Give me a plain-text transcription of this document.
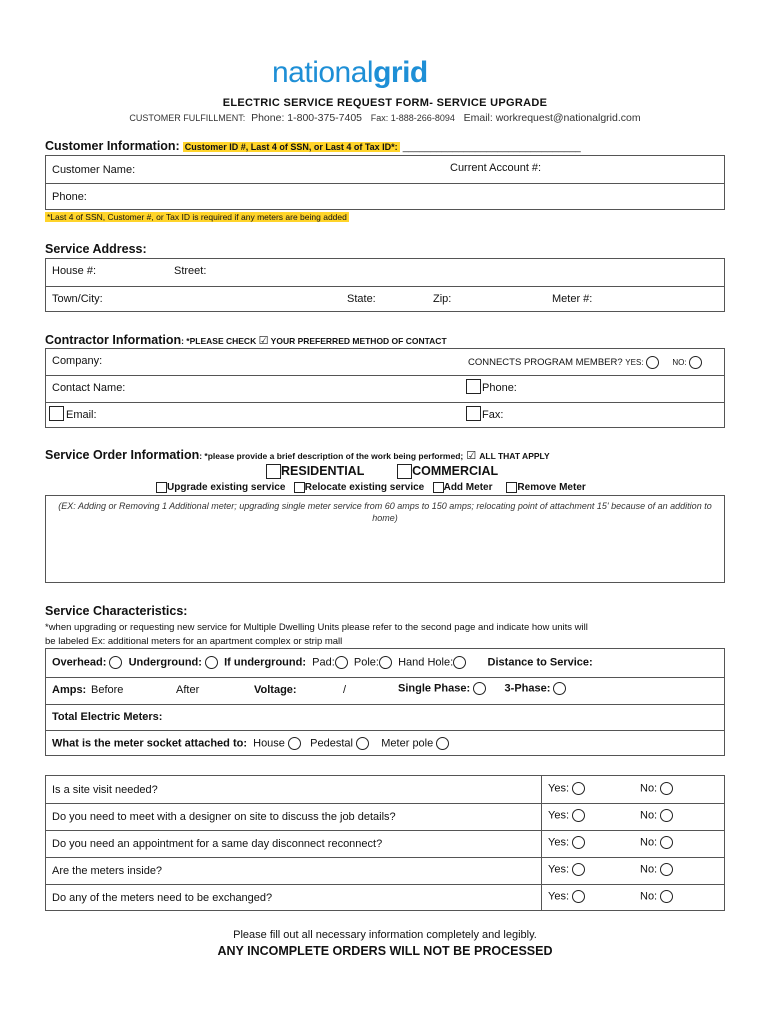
nationalgrid
ELECTRIC SERVICE REQUEST FORM- SERVICE UPGRADE
CUSTOMER FULFILLMENT: Phone: 1-800-375-7405 Fax: 1-888-266-8094 Email: workrequest@nationalgrid.com
Customer Information: Customer ID #, Last 4 of SSN, or Last 4 of Tax ID*: ________________________________
Customer Name:	Current Account #:
Phone:
*Last 4 of SSN, Customer #, or Tax ID is required if any meters are being added
Service Address:
House #:	Street:
Town/City:	State:	Zip:	Meter #:
Contractor Information: *PLEASE CHECK ☑ YOUR PREFERRED METHOD OF CONTACT
Company:	CONNECTS PROGRAM MEMBER? YES:	NO:
Contact Name:	Phone:
Email:	Fax:
Service Order Information: *please provide a brief description of the work being performed; ☑ ALL THAT APPLY
RESIDENTIAL	COMMERCIAL
Upgrade existing service Relocate existing service Add Meter Remove Meter
(EX: Adding or Removing 1 Additional meter; upgrading single meter service from 60 amps to 150 amps; relocating point of attachment 15' because of an addition to home)
Service Characteristics:
*when upgrading or requesting new service for Multiple Dwelling Units please refer to the second page and indicate how units will
be labeled Ex: additional meters for an apartment complex or strip mall
Overhead: Underground: If underground: Pad: Pole: Hand Hole:	Distance to Service:
Amps: Before	After	Voltage:	/	Single Phase:	3-Phase:
Total Electric Meters:
What is the meter socket attached to: House Pedestal	Meter pole
Is a site visit needed?	Yes:	No:
Do you need to meet with a designer on site to discuss the job details?	Yes:	No:
Do you need an appointment for a same day disconnect reconnect?	Yes:	No:
Are the meters inside?	Yes:	No:
Do any of the meters need to be exchanged?	Yes:	No:
Please fill out all necessary information completely and legibly.
ANY INCOMPLETE ORDERS WILL NOT BE PROCESSED
